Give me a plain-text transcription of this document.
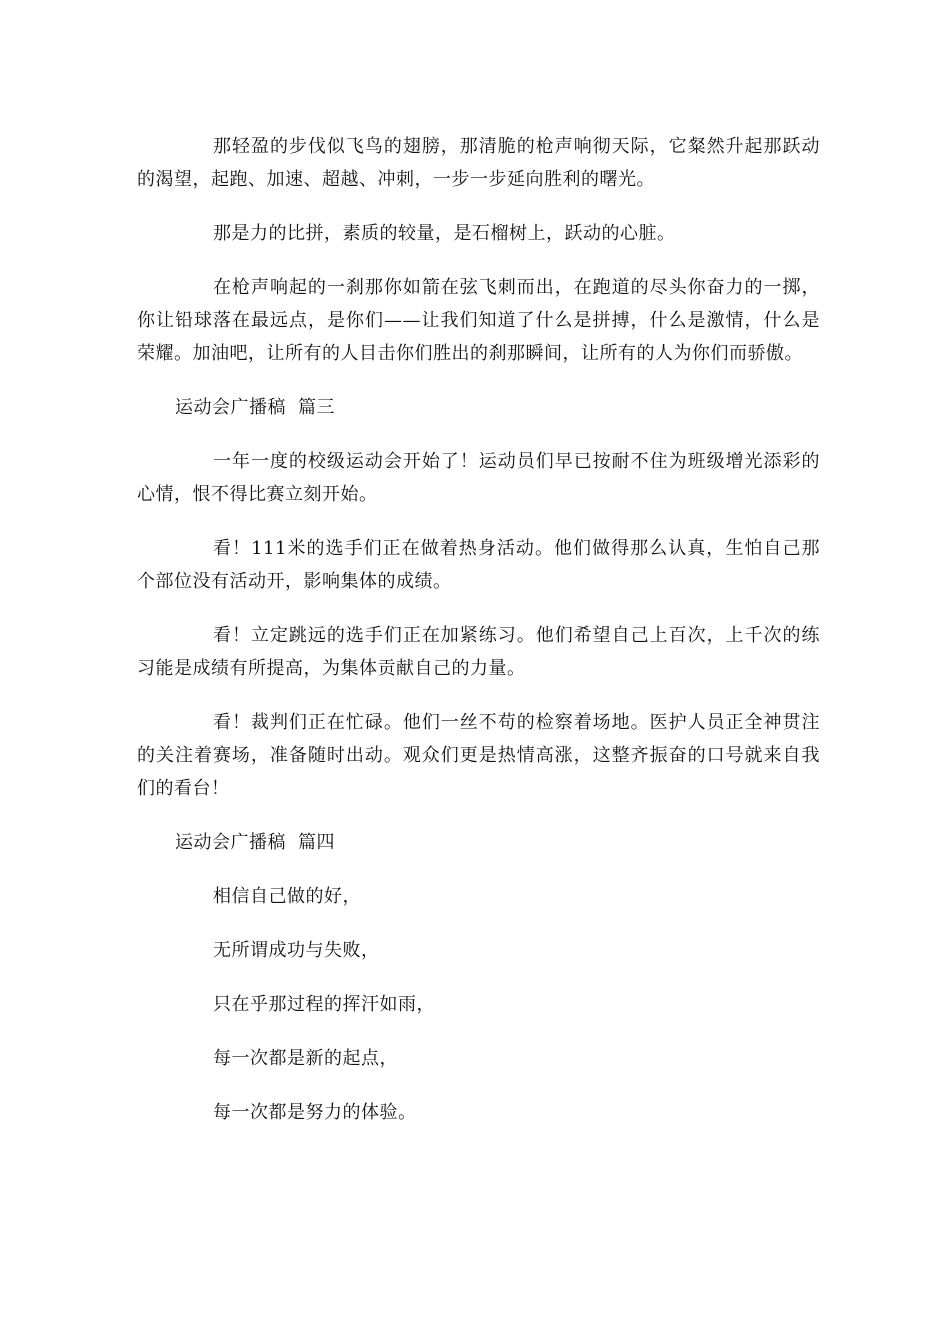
那轻盈的步伐似飞鸟的翅膀，那清脆的枪声响彻天际，它粲然升起那跃动的渴望，起跑、加速、超越、冲刺，一步一步延向胜利的曙光。

那是力的比拼，素质的较量，是石榴树上，跃动的心脏。

在枪声响起的一刹那你如箭在弦飞刺而出，在跑道的尽头你奋力的一掷，你让铅球落在最远点，是你们——让我们知道了什么是拼搏，什么是激情，什么是荣耀。加油吧，让所有的人目击你们胜出的刹那瞬间，让所有的人为你们而骄傲。

运动会广播稿 篇三

一年一度的校级运动会开始了！运动员们早已按耐不住为班级增光添彩的心情，恨不得比赛立刻开始。

看！111米的选手们正在做着热身活动。他们做得那么认真，生怕自己那个部位没有活动开，影响集体的成绩。

看！立定跳远的选手们正在加紧练习。他们希望自己上百次，上千次的练习能是成绩有所提高，为集体贡献自己的力量。

看！裁判们正在忙碌。他们一丝不苟的检察着场地。医护人员正全神贯注的关注着赛场，准备随时出动。观众们更是热情高涨，这整齐振奋的口号就来自我们的看台！

运动会广播稿 篇四

相信自己做的好，

无所谓成功与失败，

只在乎那过程的挥汗如雨，

每一次都是新的起点，

每一次都是努力的体验。
